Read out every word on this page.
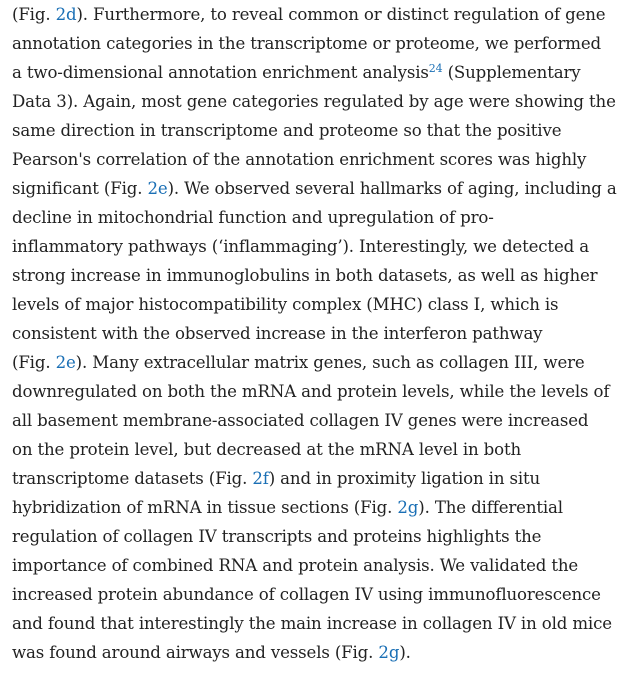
(Fig. 2d). Furthermore, to reveal common or distinct regulation of gene
annotation categories in the transcriptome or proteome, we performed
a two-dimensional annotation enrichment analysis$^{24}$ (Supplementary
Data 3). Again, most gene categories regulated by age were showing the
same direction in transcriptome and proteome so that the positive
Pearson's correlation of the annotation enrichment scores was highly
significant (Fig. 2e). We observed several hallmarks of aging, including a
decline in mitochondrial function and upregulation of pro-
inflammatory pathways (‘inflammaging’). Interestingly, we detected a
strong increase in immunoglobulins in both datasets, as well as higher
levels of major histocompatibility complex (MHC) class I, which is
consistent with the observed increase in the interferon pathway
(Fig. 2e). Many extracellular matrix genes, such as collagen III, were
downregulated on both the mRNA and protein levels, while the levels of
all basement membrane-associated collagen IV genes were increased
on the protein level, but decreased at the mRNA level in both
transcriptome datasets (Fig. 2f) and in proximity ligation in situ
hybridization of mRNA in tissue sections (Fig. 2g). The differential
regulation of collagen IV transcripts and proteins highlights the
importance of combined RNA and protein analysis. We validated the
increased protein abundance of collagen IV using immunofluorescence
and found that interestingly the main increase in collagen IV in old mice
was found around airways and vessels (Fig. 2g).
